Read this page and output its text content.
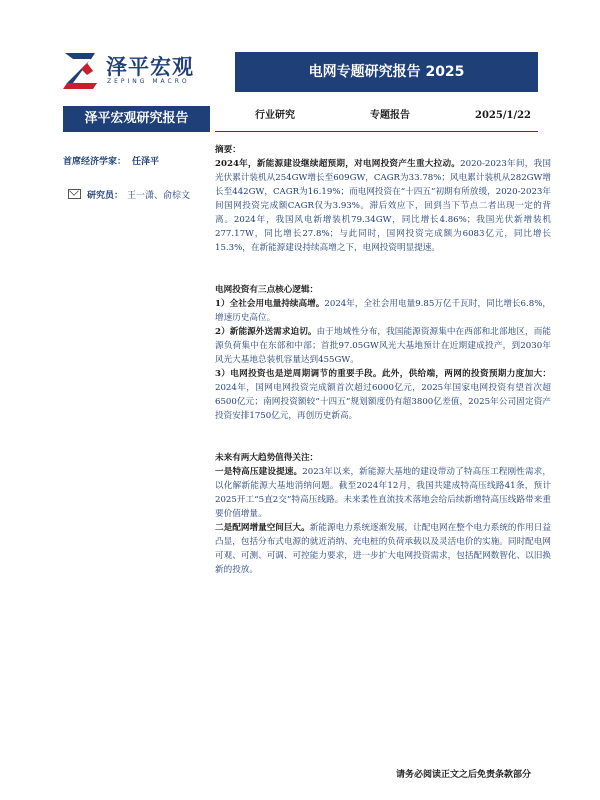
泽平宏观
ZEPING MACRO
电网专题研究报告 2025
泽平宏观研究报告	行业研究	专题报告	2025/1/22
首席经济学家： 任泽平
研究员： 王一潇、俞棕文

摘要：

2024年，新能源建设继续超预期，对电网投资产生重大拉动。2020-2023年间，我国光伏累计装机从254GW增长至609GW，CAGR为33.78%；风电累计装机从282GW增长至442GW，CAGR为16.19%；而电网投资在“十四五”初期有所放缓，2020-2023年间国网投资完成额CAGR仅为3.93%。滞后效应下，回到当下节点二者出现一定的背离。2024年，我国风电新增装机79.34GW，同比增长4.86%；我国光伏新增装机277.17W，同比增长27.8%；与此同时，国网投资完成额为6083亿元，同比增长15.3%，在新能源建设持续高增之下，电网投资明显提速。

电网投资有三点核心逻辑：

1）全社会用电量持续高增。2024年，全社会用电量9.85万亿千瓦时，同比增长6.8%，增速历史高位。

2）新能源外送需求迫切。由于地域性分布，我国能源资源集中在西部和北部地区，而能源负荷集中在东部和中部；首批97.05GW风光大基地预计在近期建成投产，到2030年风光大基地总装机容量达到455GW。

3）电网投资也是逆周期调节的重要手段。此外，供给端，两网的投资预期力度加大：2024年，国网电网投资完成额首次超过6000亿元，2025年国家电网投资有望首次超6500亿元；南网投资额较“十四五”规划额度仍有超3800亿差值，2025年公司固定资产投资安排1750亿元，再创历史新高。

未来有两大趋势值得关注：

一是特高压建设提速。2023年以来，新能源大基地的建设带动了特高压工程刚性需求，以化解新能源大基地消纳问题。截至2024年12月，我国共建成特高压线路41条，预计2025开工“5直2交”特高压线路。未来柔性直流技术落地会给后续新增特高压线路带来重要价值增量。

二是配网增量空间巨大。新能源电力系统逐渐发展，让配电网在整个电力系统的作用日益凸显，包括分布式电源的就近消纳、充电桩的负荷承载以及灵活电价的实施。同时配电网可观、可测、可调、可控能力要求，进一步扩大电网投资需求，包括配网数智化、以旧换新的投放。

请务必阅读正文之后免责条款部分
